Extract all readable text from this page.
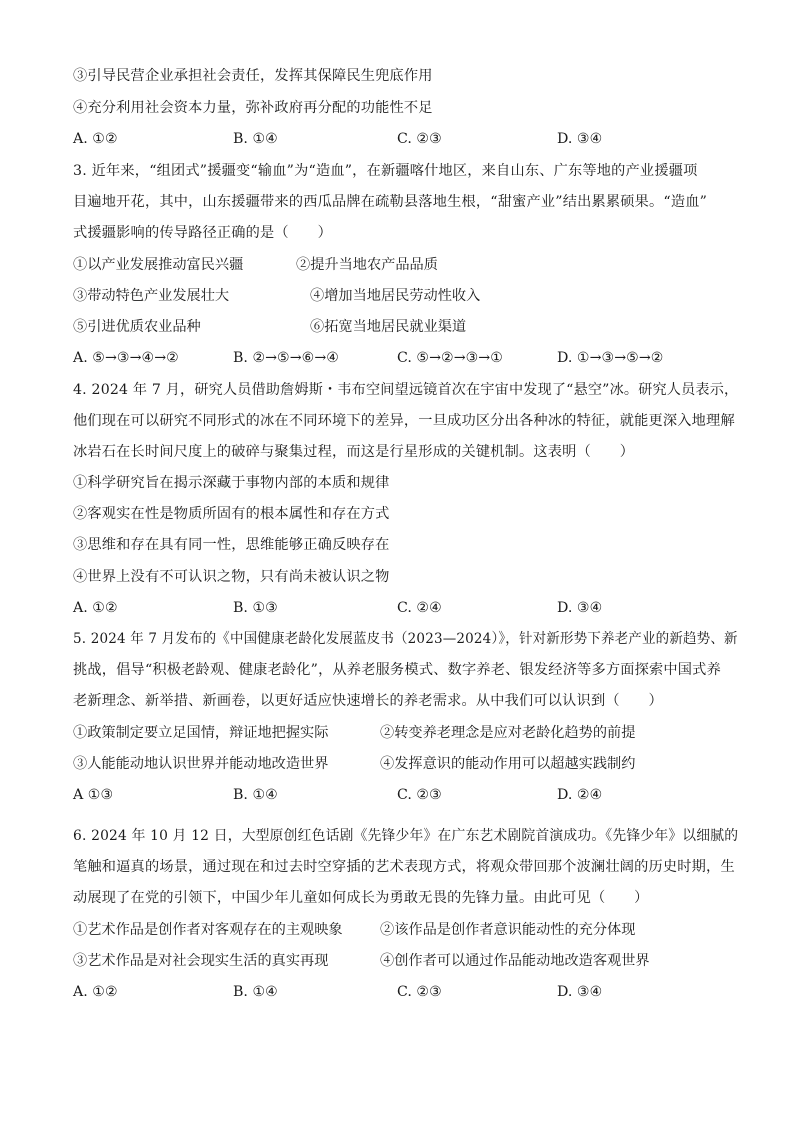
③引导民营企业承担社会责任，发挥其保障民生兜底作用
④充分利用社会资本力量，弥补政府再分配的功能性不足
A. ①②	B. ①④	C. ②③	D. ③④
3. 近年来，“组团式”援疆变“输血”为“造血”，在新疆喀什地区，来自山东、广东等地的产业援疆项
目遍地开花，其中，山东援疆带来的西瓜品牌在疏勒县落地生根，“甜蜜产业”结出累累硕果。“造血”
式援疆影响的传导路径正确的是（　　）
①以产业发展推动富民兴疆	②提升当地农产品品质
③带动特色产业发展壮大	④增加当地居民劳动性收入
⑤引进优质农业品种	⑥拓宽当地居民就业渠道
A. ⑤→③→④→②	B. ②→⑤→⑥→④	C. ⑤→②→③→①	D. ①→③→⑤→②
4. 2024 年 7 月，研究人员借助詹姆斯・韦布空间望远镜首次在宇宙中发现了“悬空”冰。研究人员表示，
他们现在可以研究不同形式的冰在不同环境下的差异，一旦成功区分出各种冰的特征，就能更深入地理解
冰岩石在长时间尺度上的破碎与聚集过程，而这是行星形成的关键机制。这表明（　　）
①科学研究旨在揭示深藏于事物内部的本质和规律
②客观实在性是物质所固有的根本属性和存在方式
③思维和存在具有同一性，思维能够正确反映存在
④世界上没有不可认识之物，只有尚未被认识之物
A. ①②	B. ①③	C. ②④	D. ③④
5. 2024 年 7 月发布的《中国健康老龄化发展蓝皮书（2023—2024）》，针对新形势下养老产业的新趋势、新
挑战，倡导“积极老龄观、健康老龄化”，从养老服务模式、数字养老、银发经济等多方面探索中国式养
老新理念、新举措、新画卷，以更好适应快速增长的养老需求。从中我们可以认识到（　　）
①政策制定要立足国情，辩证地把握实际	②转变养老理念是应对老龄化趋势的前提
③人能能动地认识世界并能动地改造世界	④发挥意识的能动作用可以超越实践制约
A ①③	B. ①④	C. ②③	D. ②④
6. 2024 年 10 月 12 日，大型原创红色话剧《先锋少年》在广东艺术剧院首演成功。《先锋少年》以细腻的
笔触和逼真的场景，通过现在和过去时空穿插的艺术表现方式，将观众带回那个波澜壮阔的历史时期，生
动展现了在党的引领下，中国少年儿童如何成长为勇敢无畏的先锋力量。由此可见（　　）
①艺术作品是创作者对客观存在的主观映象	②该作品是创作者意识能动性的充分体现
③艺术作品是对社会现实生活的真实再现	④创作者可以通过作品能动地改造客观世界
A. ①②	B. ①④	C. ②③	D. ③④
